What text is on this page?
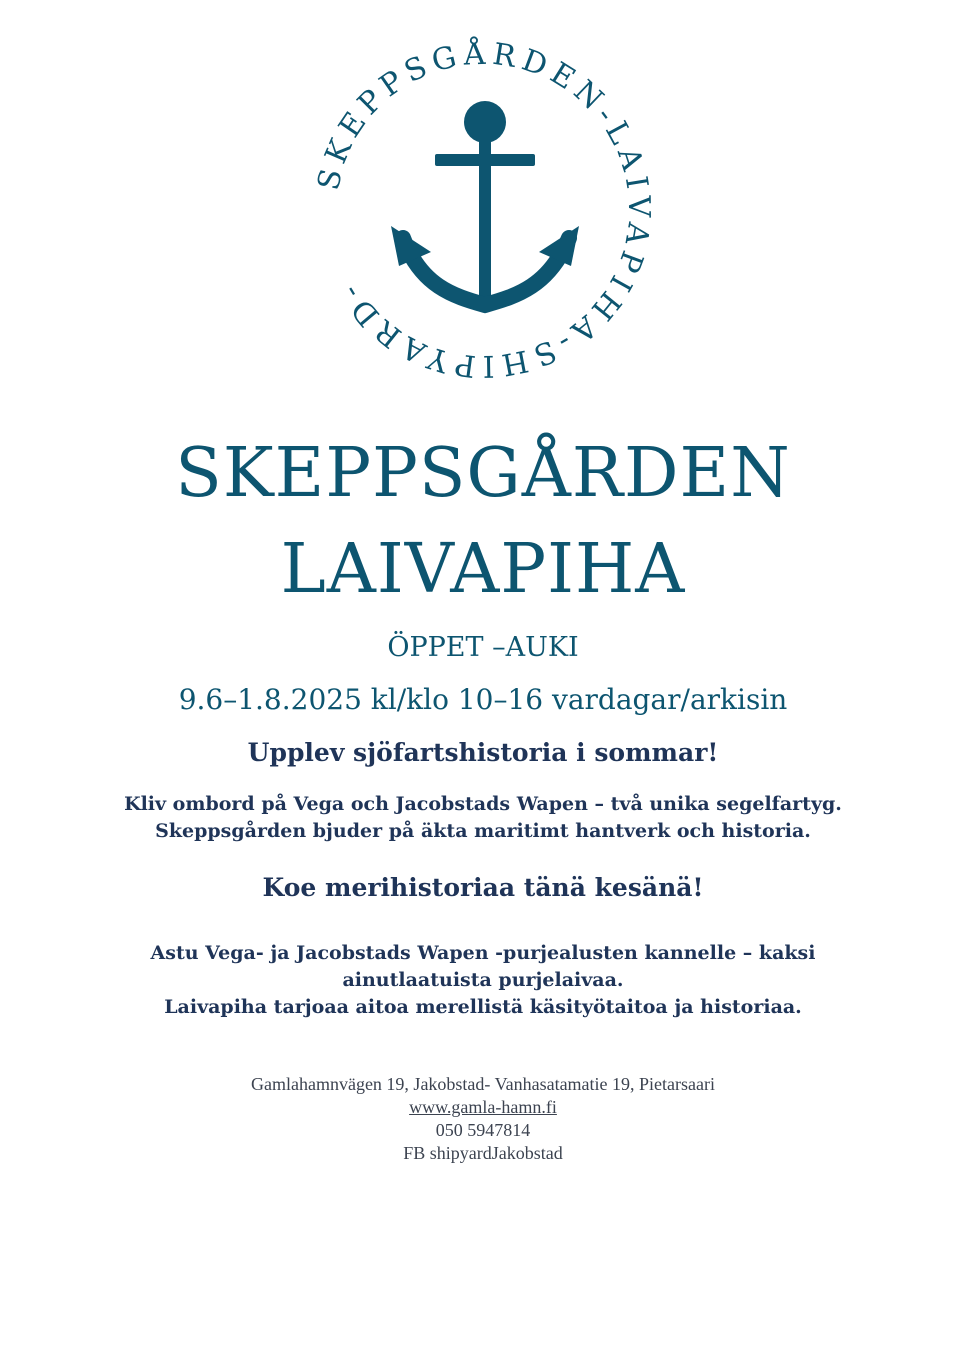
SKEPPSGÅRDEN-LAIVAPIHA-SHIPYARD-
SKEPPSGÅRDEN
LAIVAPIHA
ÖPPET –AUKI
9.6–1.8.2025 kl/klo 10–16 vardagar/arkisin
Upplev sjöfartshistoria i sommar!
Kliv ombord på Vega och Jacobstads Wapen – två unika segelfartyg.
Skeppsgården bjuder på äkta maritimt hantverk och historia.
Koe merihistoriaa tänä kesänä!
Astu Vega- ja Jacobstads Wapen -purjealusten kannelle – kaksi
ainutlaatuista purjelaivaa.
Laivapiha tarjoaa aitoa merellistä käsityötaitoa ja historiaa.
Gamlahamnvägen 19, Jakobstad- Vanhasatamatie 19, Pietarsaari
www.gamla-hamn.fi
050 5947814
FB shipyardJakobstad
